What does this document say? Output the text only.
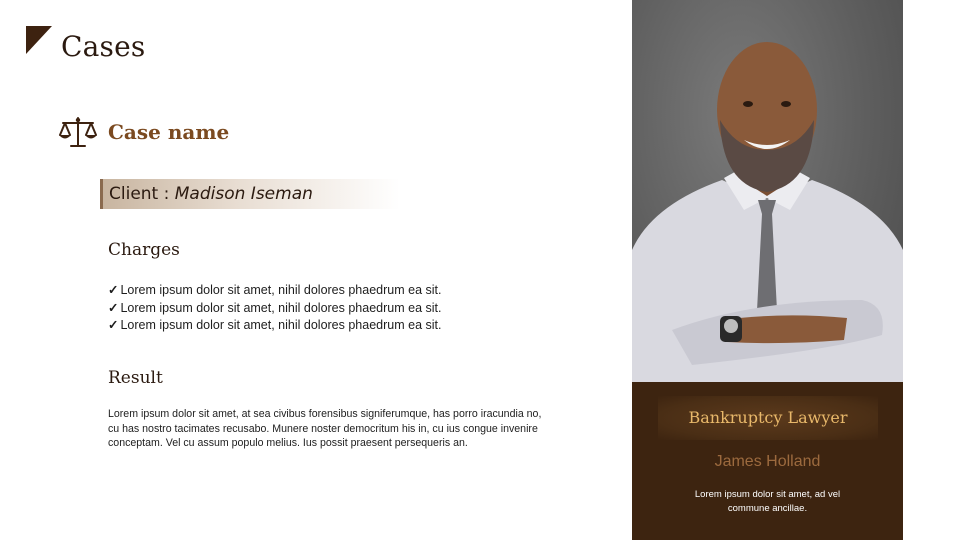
Cases
Case name
Client : Madison Iseman
Charges
✓ Lorem ipsum dolor sit amet, nihil dolores phaedrum ea sit.
✓ Lorem ipsum dolor sit amet, nihil dolores phaedrum ea sit.
✓ Lorem ipsum dolor sit amet, nihil dolores phaedrum ea sit.
Result
Lorem ipsum dolor sit amet, at sea civibus forensibus signiferumque, has porro iracundia no, cu has nostro tacimates recusabo. Munere noster democritum his in, cu ius congue invenire conceptam. Vel cu assum populo melius. Ius possit praesent persequeris an.
Bankruptcy Lawyer
James Holland
Lorem ipsum dolor sit amet, ad vel commune ancillae.
